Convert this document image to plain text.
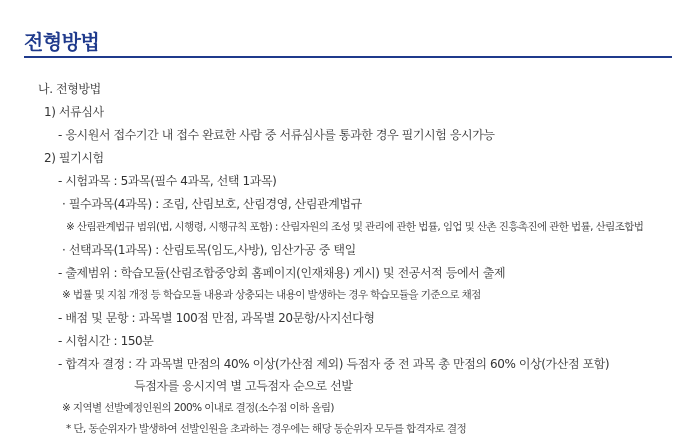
전형방법
나. 전형방법
1) 서류심사
- 응시원서 접수기간 내 접수 완료한 사람 중 서류심사를 통과한 경우 필기시험 응시가능
2) 필기시험
- 시험과목 : 5과목(필수 4과목, 선택 1과목)
· 필수과목(4과목) : 조림, 산림보호, 산림경영, 산림관계법규
※ 산림관계법규 범위(법, 시행령, 시행규칙 포함) : 산림자원의 조성 및 관리에 관한 법률, 임업 및 산촌 진흥촉진에 관한 법률, 산림조합법
· 선택과목(1과목) : 산림토목(임도,사방), 임산가공 중 택일
- 출제범위 : 학습모듈(산림조합중앙회 홈페이지(인재채용) 게시) 및 전공서적 등에서 출제
※ 법률 및 지침 개정 등 학습모듈 내용과 상충되는 내용이 발생하는 경우 학습모듈을 기준으로 채점
- 배점 및 문항 : 과목별 100점 만점, 과목별 20문항/사지선다형
- 시험시간 : 150분
- 합격자 결정 : 각 과목별 만점의 40% 이상(가산점 제외) 득점자 중 전 과목 총 만점의 60% 이상(가산점 포함)
득점자를 응시지역 별 고득점자 순으로 선발
※ 지역별 선발예정인원의 200% 이내로 결정(소수점 이하 올림)
* 단, 동순위자가 발생하여 선발인원을 초과하는 경우에는 해당 동순위자 모두를 합격자로 결정
